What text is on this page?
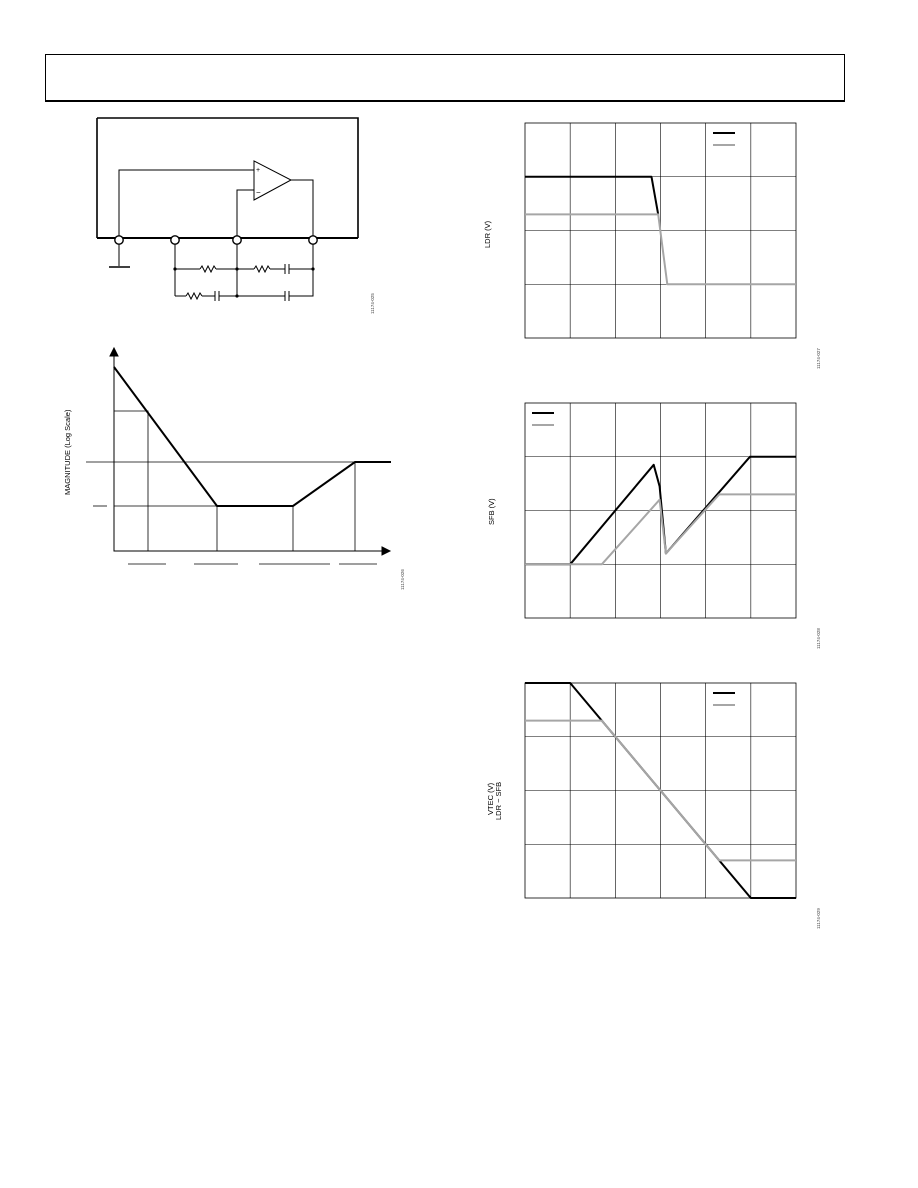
+
−
11174-025
MAGNITUDE (Log Scale)
11174-026
LDR (V)
11174-027
SFB (V)
11174-028
VTEC (V) LDR − SFB
11174-029
